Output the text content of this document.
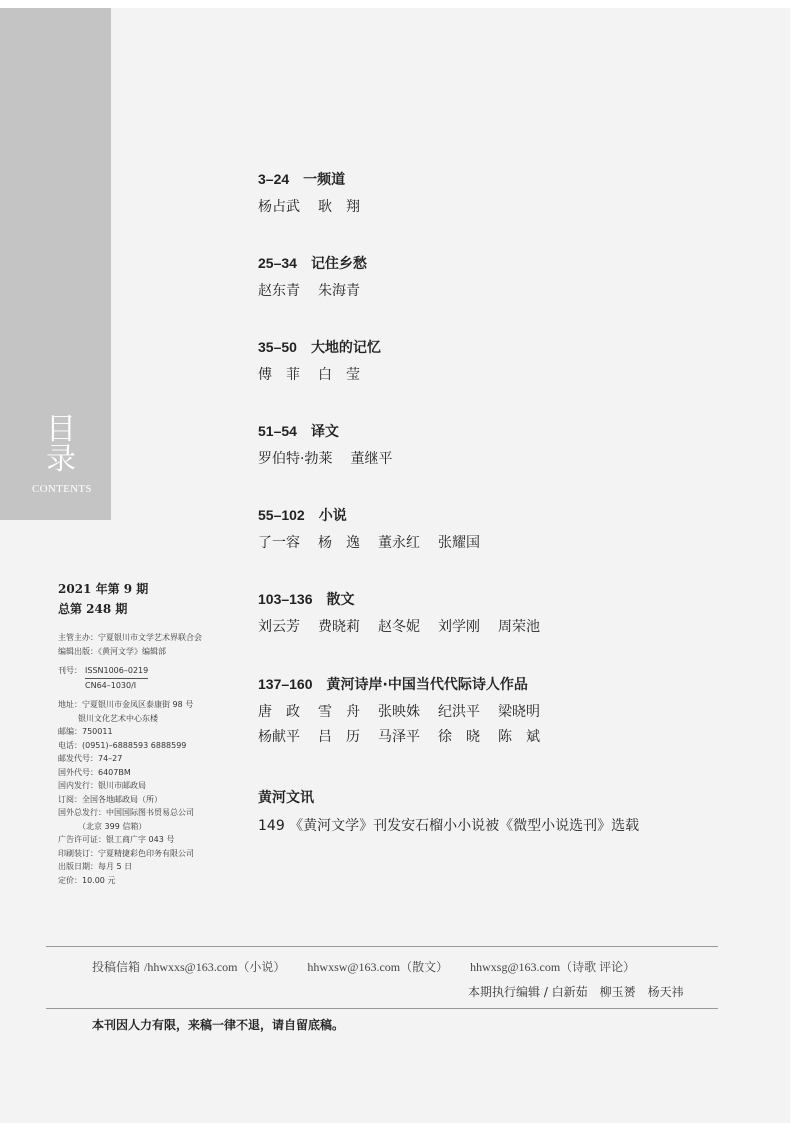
目
录
CONTENTS
3–24 一频道
杨占武 耿　翔
25–34 记住乡愁
赵东青 朱海青
35–50 大地的记忆
傅　菲 白　莹
51–54 译文
罗伯特·勃莱 董继平
55–102 小说
了一容 杨　逸 董永红 张耀国
103–136 散文
刘云芳 费晓莉 赵冬妮 刘学刚 周荣池
137–160 黄河诗岸·中国当代代际诗人作品
唐　政 雪　舟 张映姝 纪洪平 梁晓明
杨献平 吕　历 马泽平 徐　晓 陈　斌
黄河文讯
149 《黄河文学》刊发安石榴小小说被《微型小说选刊》选载
2021 年第 9 期
总第 248 期
主管主办：宁夏银川市文学艺术界联合会
编辑出版：《黄河文学》编辑部
刊号： ISSN1006–0219
CN64–1030/I
地址：宁夏银川市金凤区泰康街 98 号
银川文化艺术中心东楼
邮编：750011
电话：(0951)–6888593 6888599
邮发代号：74–27
国外代号：6407BM
国内发行：银川市邮政局
订阅：全国各地邮政局（所）
国外总发行：中国国际图书贸易总公司
（北京 399 信箱）
广告许可证：银工商广字 043 号
印刷装订：宁夏精捷彩色印务有限公司
出版日期：每月 5 日
定价：10.00 元
投稿信箱 /hhwxxs@163.com（小说） hhwxsw@163.com（散文） hhwxsg@163.com（诗歌 评论）
本期执行编辑 / 白新茹　柳玉赟　杨天祎
本刊因人力有限，来稿一律不退，请自留底稿。
